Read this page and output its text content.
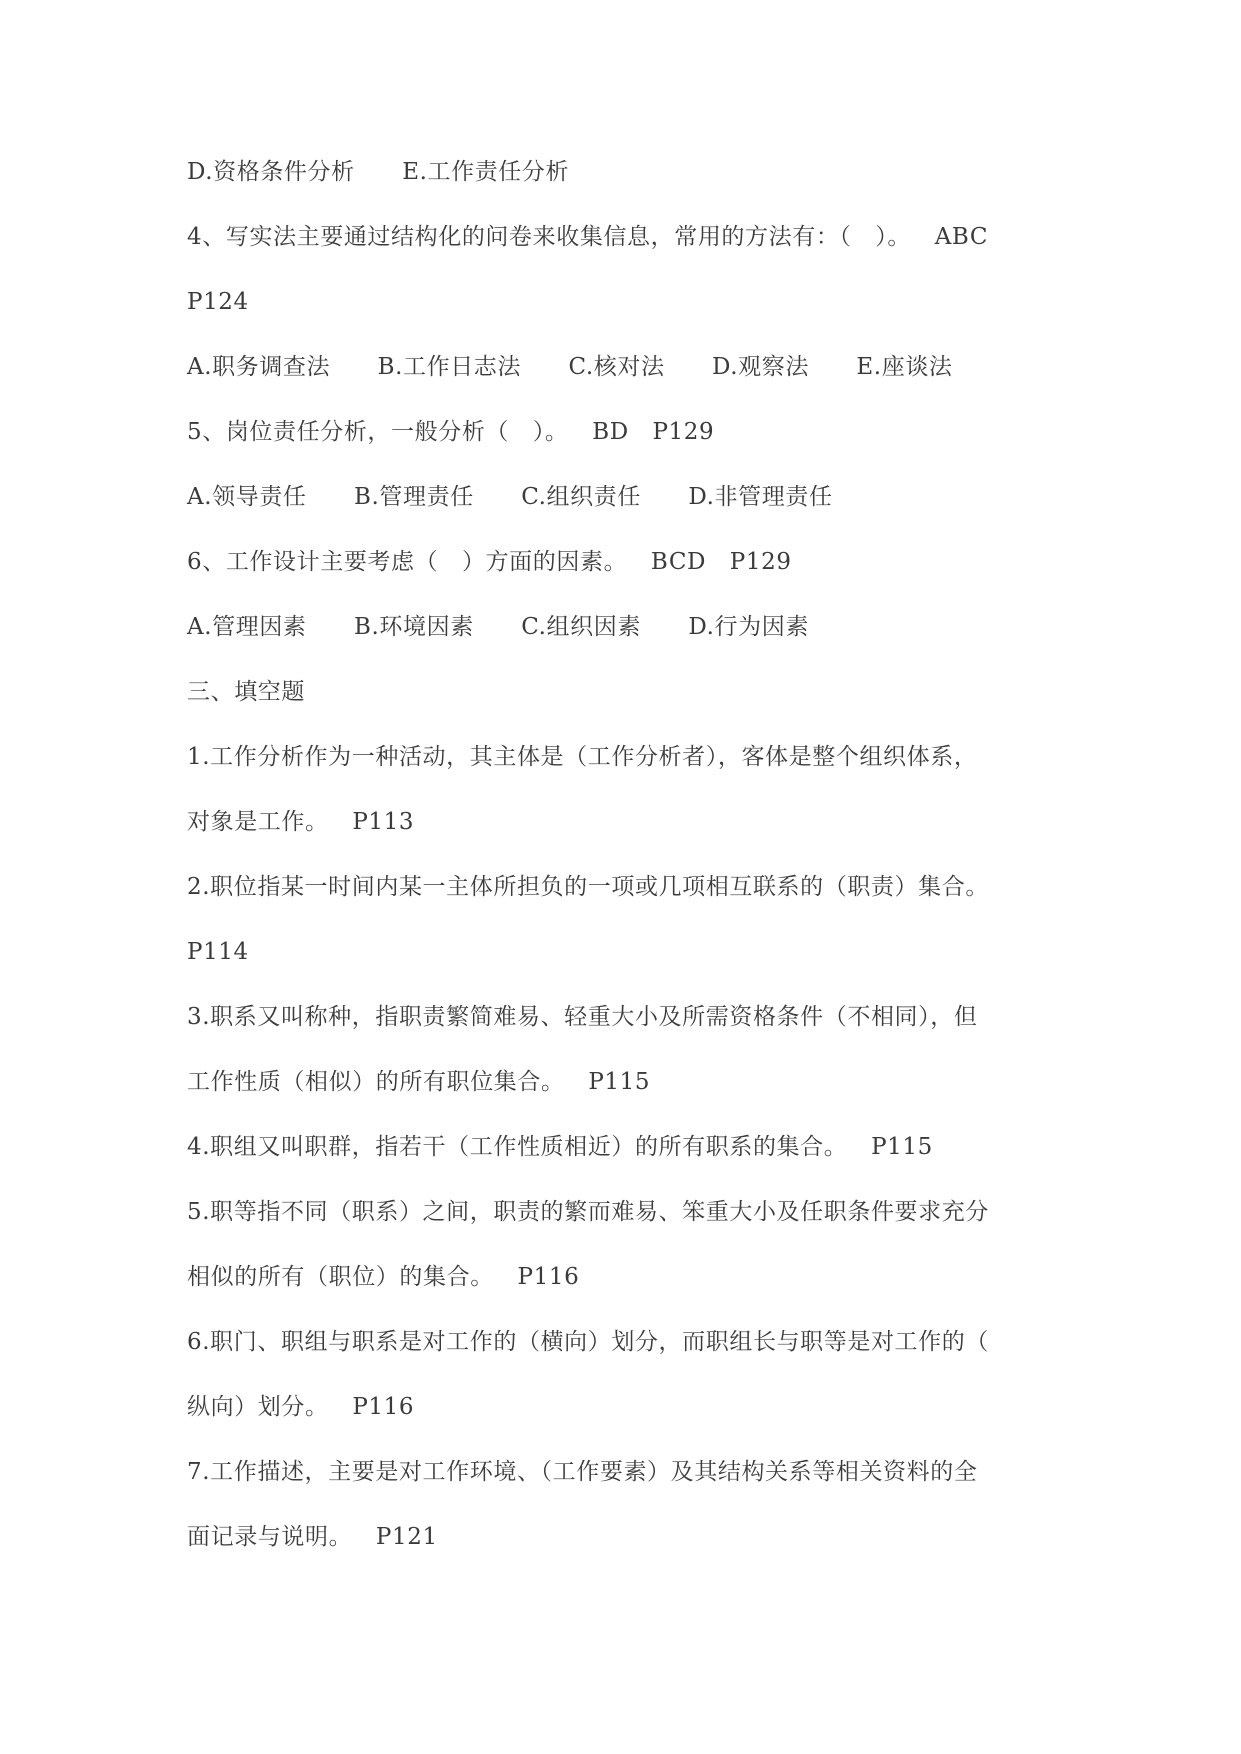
D.资格条件分析      E.工作责任分析
4、写实法主要通过结构化的问卷来收集信息，常用的方法有：（   ）。   ABC
P124
A.职务调查法      B.工作日志法      C.核对法      D.观察法      E.座谈法
5、岗位责任分析，一般分析（   ）。   BD   P129
A.领导责任      B.管理责任      C.组织责任      D.非管理责任
6、工作设计主要考虑（   ）方面的因素。   BCD   P129
A.管理因素      B.环境因素      C.组织因素      D.行为因素
三、填空题
1.工作分析作为一种活动，其主体是（工作分析者），客体是整个组织体系，
对象是工作。   P113
2.职位指某一时间内某一主体所担负的一项或几项相互联系的（职责）集合。
P114
3.职系又叫称种，指职责繁简难易、轻重大小及所需资格条件（不相同），但
工作性质（相似）的所有职位集合。   P115
4.职组又叫职群，指若干（工作性质相近）的所有职系的集合。   P115
5.职等指不同（职系）之间，职责的繁而难易、笨重大小及任职条件要求充分
相似的所有（职位）的集合。   P116
6.职门、职组与职系是对工作的（横向）划分，而职组长与职等是对工作的（
纵向）划分。   P116
7.工作描述，主要是对工作环境、（工作要素）及其结构关系等相关资料的全
面记录与说明。   P121
